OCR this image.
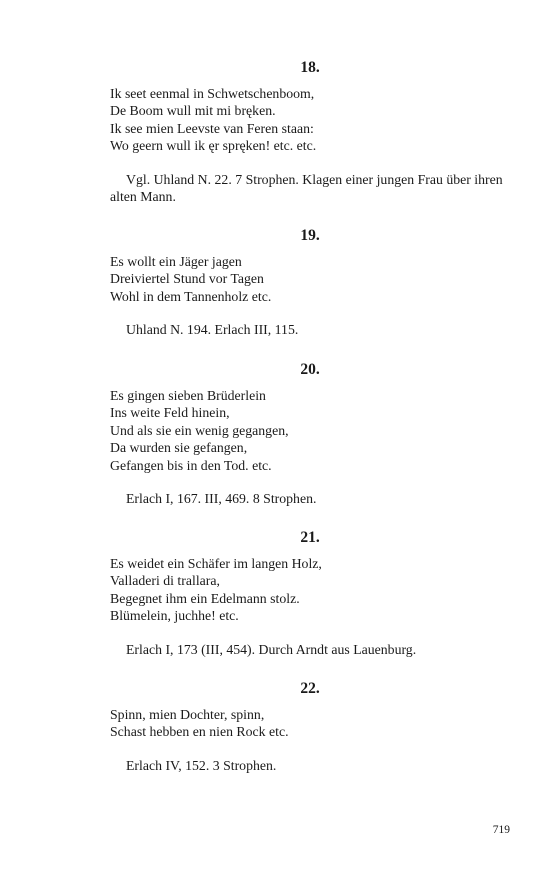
18.
Ik seet eenmal in Schwetschenboom,
De Boom wull mit mi bręken.
Ik see mien Leevste van Feren staan:
Wo geern wull ik ęr spręken! etc. etc.

Vgl. Uhland N. 22. 7 Strophen. Klagen einer jungen Frau über ihren alten Mann.

19.
Es wollt ein Jäger jagen
Dreiviertel Stund vor Tagen
Wohl in dem Tannenholz etc.

Uhland N. 194. Erlach III, 115.

20.
Es gingen sieben Brüderlein
Ins weite Feld hinein,
Und als sie ein wenig gegangen,
Da wurden sie gefangen,
Gefangen bis in den Tod. etc.

Erlach I, 167. III, 469. 8 Strophen.

21.
Es weidet ein Schäfer im langen Holz,
Valladeri di trallara,
Begegnet ihm ein Edelmann stolz.
Blümelein, juchhe! etc.

Erlach I, 173 (III, 454). Durch Arndt aus Lauenburg.

22.
Spinn, mien Dochter, spinn,
Schast hebben en nien Rock etc.

Erlach IV, 152. 3 Strophen.

719
